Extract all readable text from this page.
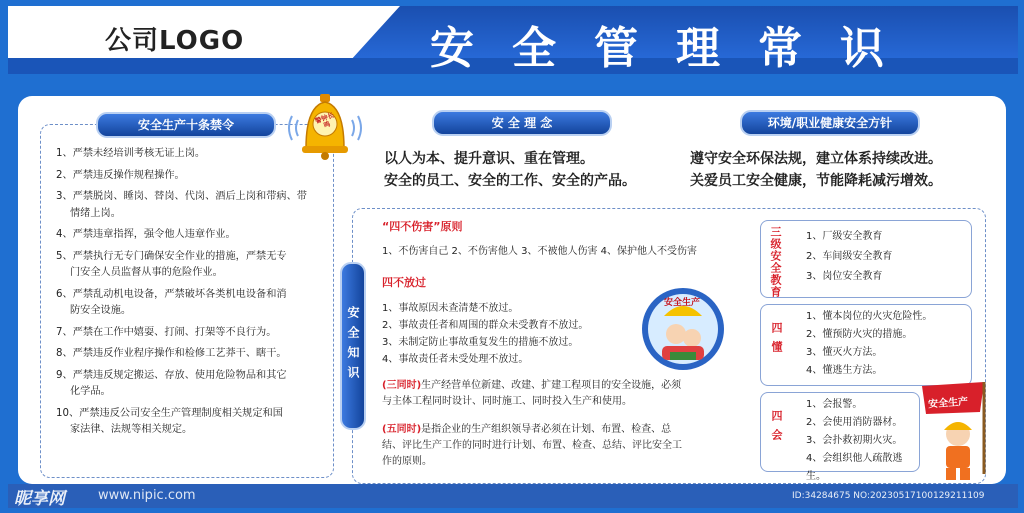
公司LOGO	安全管理常识
安全生产十条禁令
1、严禁未经培训考核无证上岗。
2、严禁违反操作规程操作。
3、严禁脱岗、睡岗、替岗、代岗、酒后上岗和带病、带
情绪上岗。
4、严禁违章指挥，强令他人违章作业。
5、严禁执行无专门确保安全作业的措施，严禁无专
门安全人员监督从事的危险作业。
6、严禁乱动机电设备，严禁破坏各类机电设备和消
防安全设施。
7、严禁在工作中嬉耍、打闹、打架等不良行为。
8、严禁违反作业程序操作和检修工艺莽干、瞎干。
9、严禁违反规定搬运、存放、使用危险物品和其它
化学品。
10、严禁违反公司安全生产管理制度相关规定和国
家法律、法规等相关规定。
警钟长鸣	安 全 理 念
以人为本、提升意识、重在管理。
安全的员工、安全的工作、安全的产品。
环境/职业健康安全方针
遵守安全环保法规，建立体系持续改进。
关爱员工安全健康，节能降耗减污增效。
安全知识
“四不伤害”原则
1、不伤害自己 2、不伤害他人 3、不被他人伤害 4、保护他人不受伤害
四不放过
1、事故原因未查清楚不放过。
2、事故责任者和周围的群众未受教育不放过。
3、未制定防止事故重复发生的措施不放过。
4、事故责任者未受处理不放过。
安全生产
(三同时)生产经营单位新建、改建、扩建工程项目的安全设施，必须
与主体工程同时设计、同时施工、同时投入生产和使用。
(五同时)是指企业的生产组织领导者必须在计划、布置、检查、总
结、评比生产工作的同时进行计划、布置、检查、总结、评比安全工
作的原则。
三级安全教育 1、厂级安全教育
2、车间级安全教育
3、岗位安全教育
四懂
1、懂本岗位的火灾危险性。
2、懂预防火灾的措施。
3、懂灭火方法。
4、懂逃生方法。
四会
1、会报警。
2、会使用消防器材。
3、会扑救初期火灾。
4、会组织他人疏散逃生。
安全生产
昵享网	www.nipic.com	ID:34284675 NO:20230517100129211109
